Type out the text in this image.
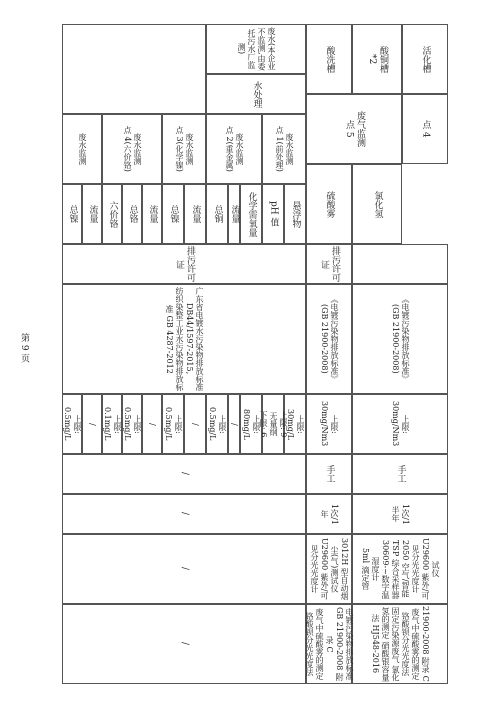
第 9 页
废水(本企业不监测,由委托污水厂监测)
水处理
活化槽
酸铜槽
*2
酸洗槽
点 4
废气监测
点 5
氯化氢
硫酸雾
排污许可证
《电镀污染物排放标准》
(GB 21900-2008)
《电镀污染物排放标准》
(GB 21900-2008)
上限:
30mg/Nm3
上限:
30mg/Nm3
手工
手工
1次/1
半年
1次/1
年
试仪
U29600 紫外/可见分光光度计
2050 空气/智能 TSP 综合采样器
30609-~数字温湿度计
5ml 滴定管
3012H 型自动烟尘(气)测试仪
U29600 紫外/可见分光光度计
21900-2008 附录 C
废气中硫酸雾的测定 铬酸钡分光光度法
固定污染源废气 氯化氢的测定 硝酸银容量法 HJ548-2016
电镀污染物排放标准 GB 21900-2008 附录 C
废气中硫酸雾的测定 铬酸钡分光光度法
废水监测
点 1(前处理)
废水监测
点 2(重金属)
废水监测
点 3(化学镍)
废水监测
点 4(六价铬)
废水监测
悬浮物
pH 值
化学需氧量
流量
总铜
流量
总镍
流量
总铬
六价铬
流量
总镍
排污许可证
广东省电镀水污染物排放标准 DB44/1597-2015,
纺织染整工业水污染物排放标准 GB 4287-2012
上限:
30mg/L
上限: 9
无量纲
下限: 6
上限:
80mg/L
/
上限:
0.5mg/L
/
上限:
0.5mg/L
/
上限:
0.5mg/L
上限:
0.1mg/L
/
上限:
0.5mg/L
/
/
/
/
